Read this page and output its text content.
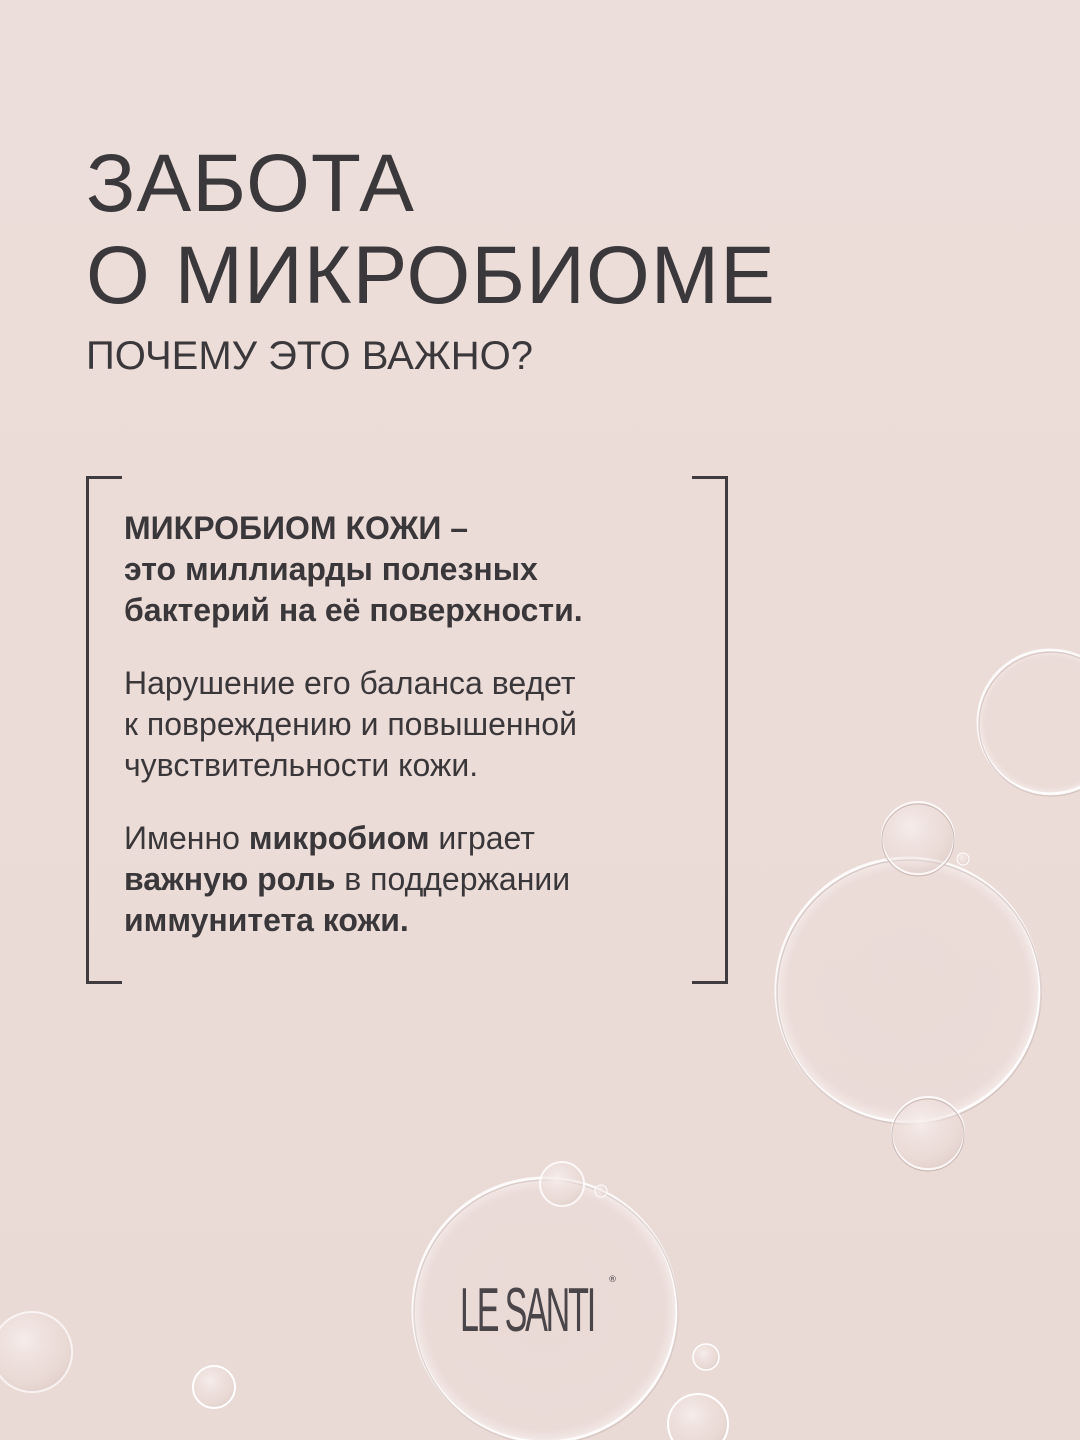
ЗАБОТА
О МИКРОБИОМЕ
ПОЧЕМУ ЭТО ВАЖНО?

МИКРОБИОМ КОЖИ –
это миллиарды полезных
бактерий на её поверхности.

Нарушение его баланса ведет
к повреждению и повышенной
чувствительности кожи.

Именно микробиом играет
важную роль в поддержании
иммунитета кожи.

LE SANTI ®
